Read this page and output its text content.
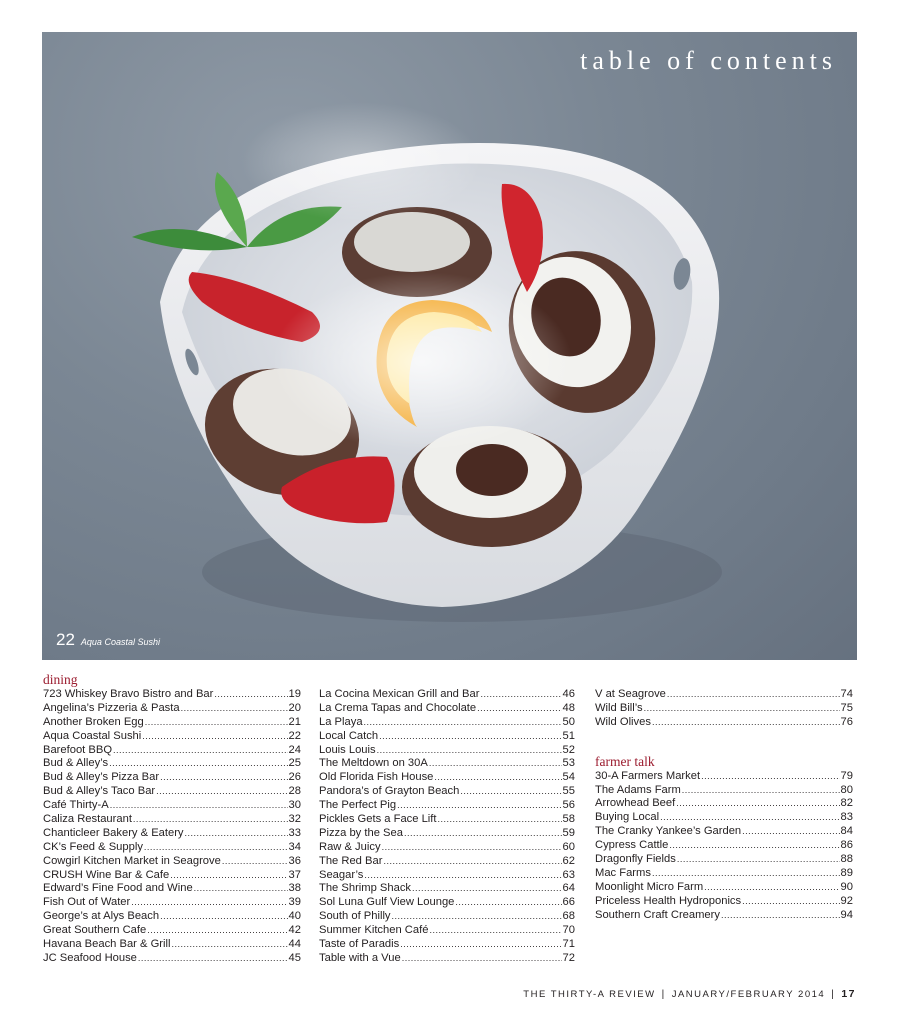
table of contents
22 Aqua Coastal Sushi
dining
723 Whiskey Bravo Bistro and Bar .....	19
Angelina’s Pizzeria & Pasta .....	20
Another Broken Egg .....	21
Aqua Coastal Sushi .....	22
Barefoot BBQ .....	24
Bud & Alley’s .....	25
Bud & Alley’s Pizza Bar .....	26
Bud & Alley’s Taco Bar .....	28
Café Thirty-A .....	30
Caliza Restaurant .....	32
Chanticleer Bakery & Eatery .....	33
CK’s Feed & Supply .....	34
Cowgirl Kitchen Market in Seagrove .....	36
CRUSH Wine Bar & Cafe .....	37
Edward’s Fine Food and Wine .....	38
Fish Out of Water .....	39
George’s at Alys Beach .....	40
Great Southern Cafe .....	42
Havana Beach Bar & Grill .....	44
JC Seafood House .....	45
La Cocina Mexican Grill and Bar .....	46
La Crema Tapas and Chocolate .....	48
La Playa .....	50
Local Catch .....	51
Louis Louis .....	52
The Meltdown on 30A .....	53
Old Florida Fish House .....	54
Pandora’s of Grayton Beach .....	55
The Perfect Pig .....	56
Pickles Gets a Face Lift .....	58
Pizza by the Sea .....	59
Raw & Juicy .....	60
The Red Bar .....	62
Seagar’s .....	63
The Shrimp Shack .....	64
Sol Luna Gulf View Lounge .....	66
South of Philly .....	68
Summer Kitchen Café .....	70
Taste of Paradis .....	71
Table with a Vue .....	72
V at Seagrove .....	74
Wild Bill’s .....	75
Wild Olives .....	76
farmer talk
30-A Farmers Market .....	79
The Adams Farm .....	80
Arrowhead Beef .....	82
Buying Local .....	83
The Cranky Yankee’s Garden .....	84
Cypress Cattle .....	86
Dragonfly Fields .....	88
Mac Farms .....	89
Moonlight Micro Farm .....	90
Priceless Health Hydroponics .....	92
Southern Craft Creamery .....	94
THE THIRTY-A REVIEW | JANUARY/FEBRUARY 2014 | 17
